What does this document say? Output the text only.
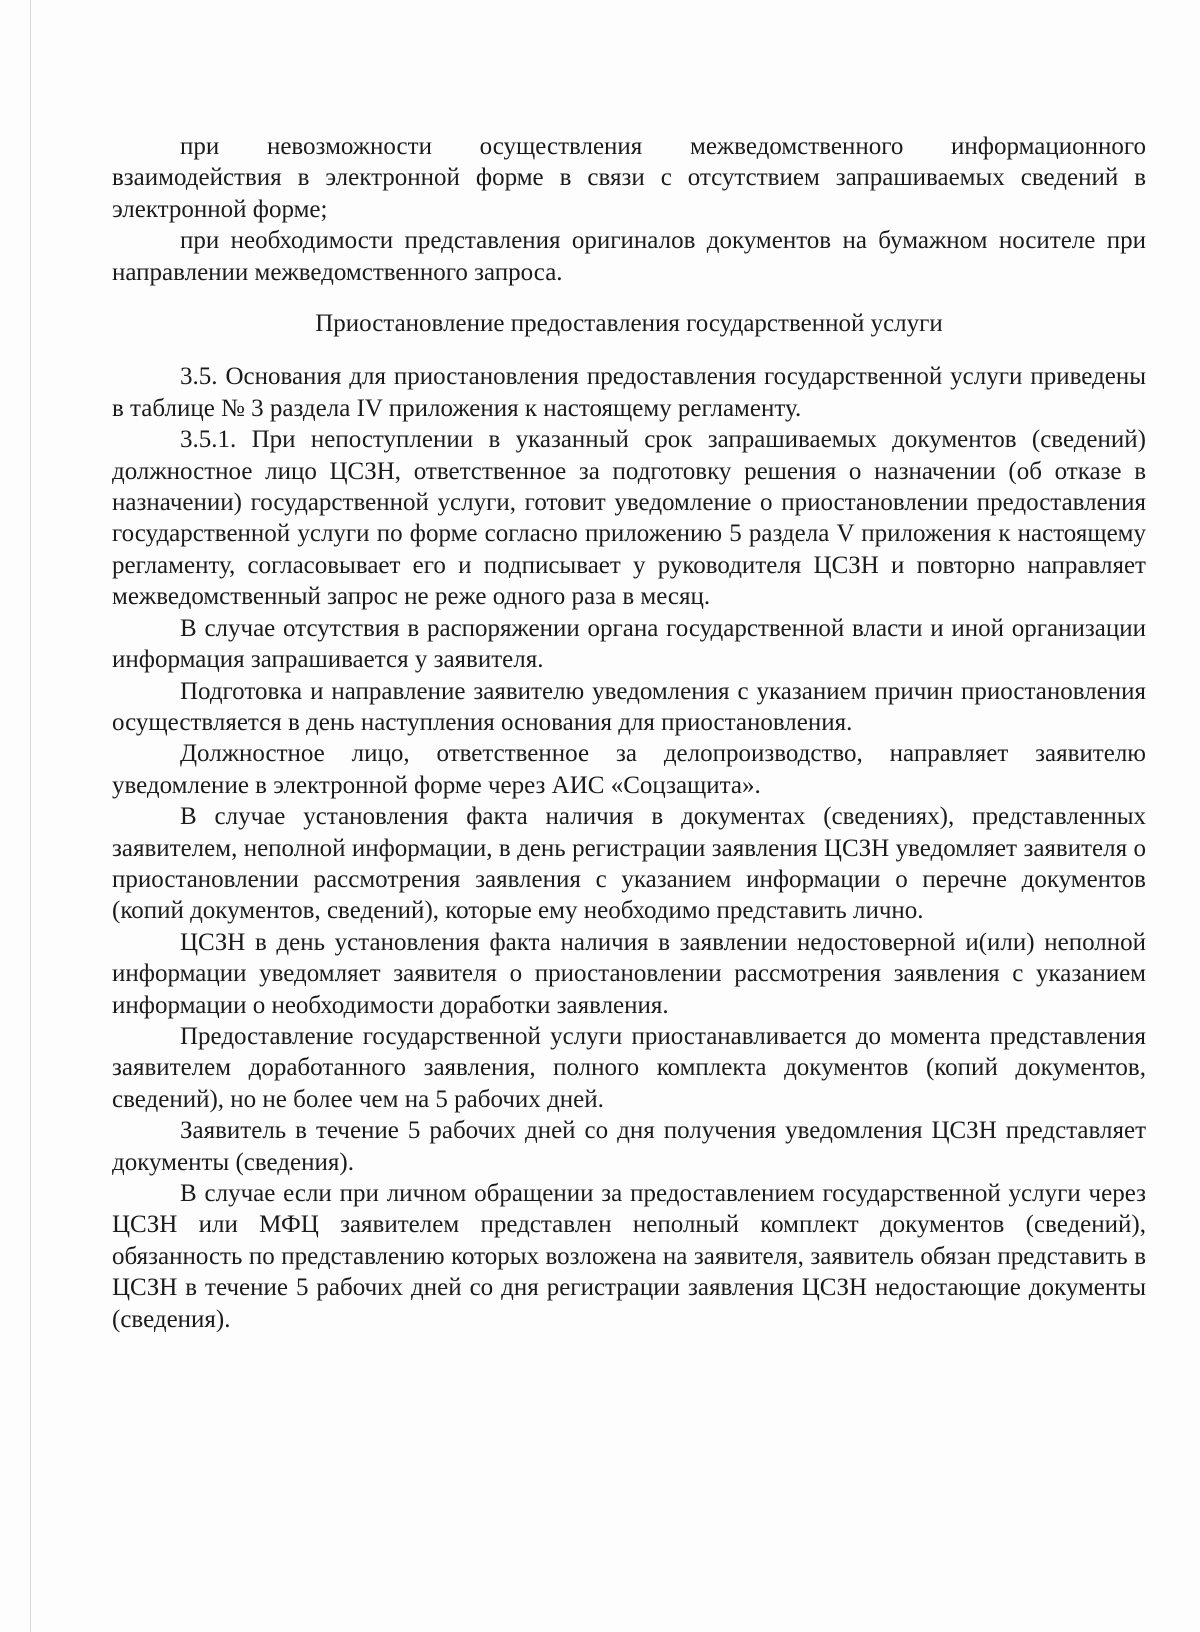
при невозможности осуществления межведомственного информационного взаимодействия в электронной форме в связи с отсутствием запрашиваемых сведений в электронной форме;

при необходимости представления оригиналов документов на бумажном носителе при направлении межведомственного запроса.

Приостановление предоставления государственной услуги

3.5. Основания для приостановления предоставления государственной услуги приведены в таблице № 3 раздела IV приложения к настоящему регламенту.

3.5.1. При непоступлении в указанный срок запрашиваемых документов (сведений) должностное лицо ЦСЗН, ответственное за подготовку решения о назначении (об отказе в назначении) государственной услуги, готовит уведомление о приостановлении предоставления государственной услуги по форме согласно приложению 5 раздела V приложения к настоящему регламенту, согласовывает его и подписывает у руководителя ЦСЗН и повторно направляет межведомственный запрос не реже одного раза в месяц.

В случае отсутствия в распоряжении органа государственной власти и иной организации информация запрашивается у заявителя.

Подготовка и направление заявителю уведомления с указанием причин приостановления осуществляется в день наступления основания для приостановления.

Должностное лицо, ответственное за делопроизводство, направляет заявителю уведомление в электронной форме через АИС «Соцзащита».

В случае установления факта наличия в документах (сведениях), представленных заявителем, неполной информации, в день регистрации заявления ЦСЗН уведомляет заявителя о приостановлении рассмотрения заявления с указанием информации о перечне документов (копий документов, сведений), которые ему необходимо представить лично.

ЦСЗН в день установления факта наличия в заявлении недостоверной и(или) неполной информации уведомляет заявителя о приостановлении рассмотрения заявления с указанием информации о необходимости доработки заявления.

Предоставление государственной услуги приостанавливается до момента представления заявителем доработанного заявления, полного комплекта документов (копий документов, сведений), но не более чем на 5 рабочих дней.

Заявитель в течение 5 рабочих дней со дня получения уведомления ЦСЗН представляет документы (сведения).

В случае если при личном обращении за предоставлением государственной услуги через ЦСЗН или МФЦ заявителем представлен неполный комплект документов (сведений), обязанность по представлению которых возложена на заявителя, заявитель обязан представить в ЦСЗН в течение 5 рабочих дней со дня регистрации заявления ЦСЗН недостающие документы (сведения).
